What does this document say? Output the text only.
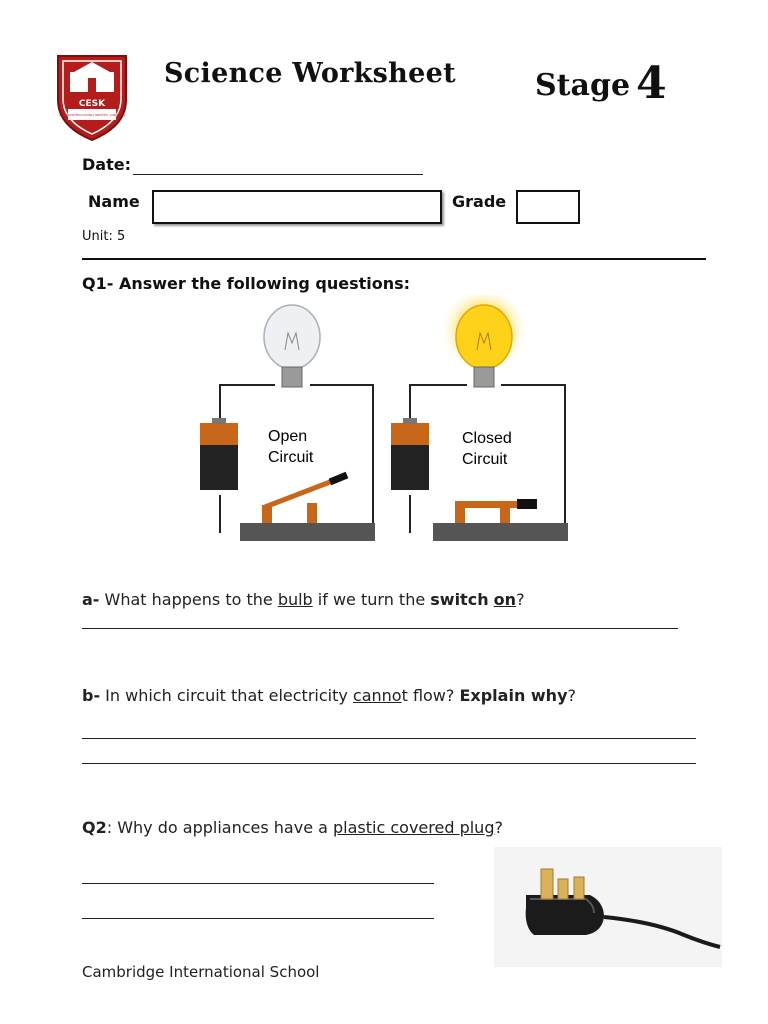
CESK
CAMBRIDGE EDUCATIONAL SERVICES - KURDISTAN
Science Worksheet	Stage 4
Date:
Name	Grade
Unit: 5
Q1- Answer the following questions:
Open
Circuit
Closed
Circuit
a- What happens to the bulb if we turn the switch on?
b- In which circuit that electricity cannot flow? Explain why?
Q2: Why do appliances have a plastic covered plug?
Cambridge International School
